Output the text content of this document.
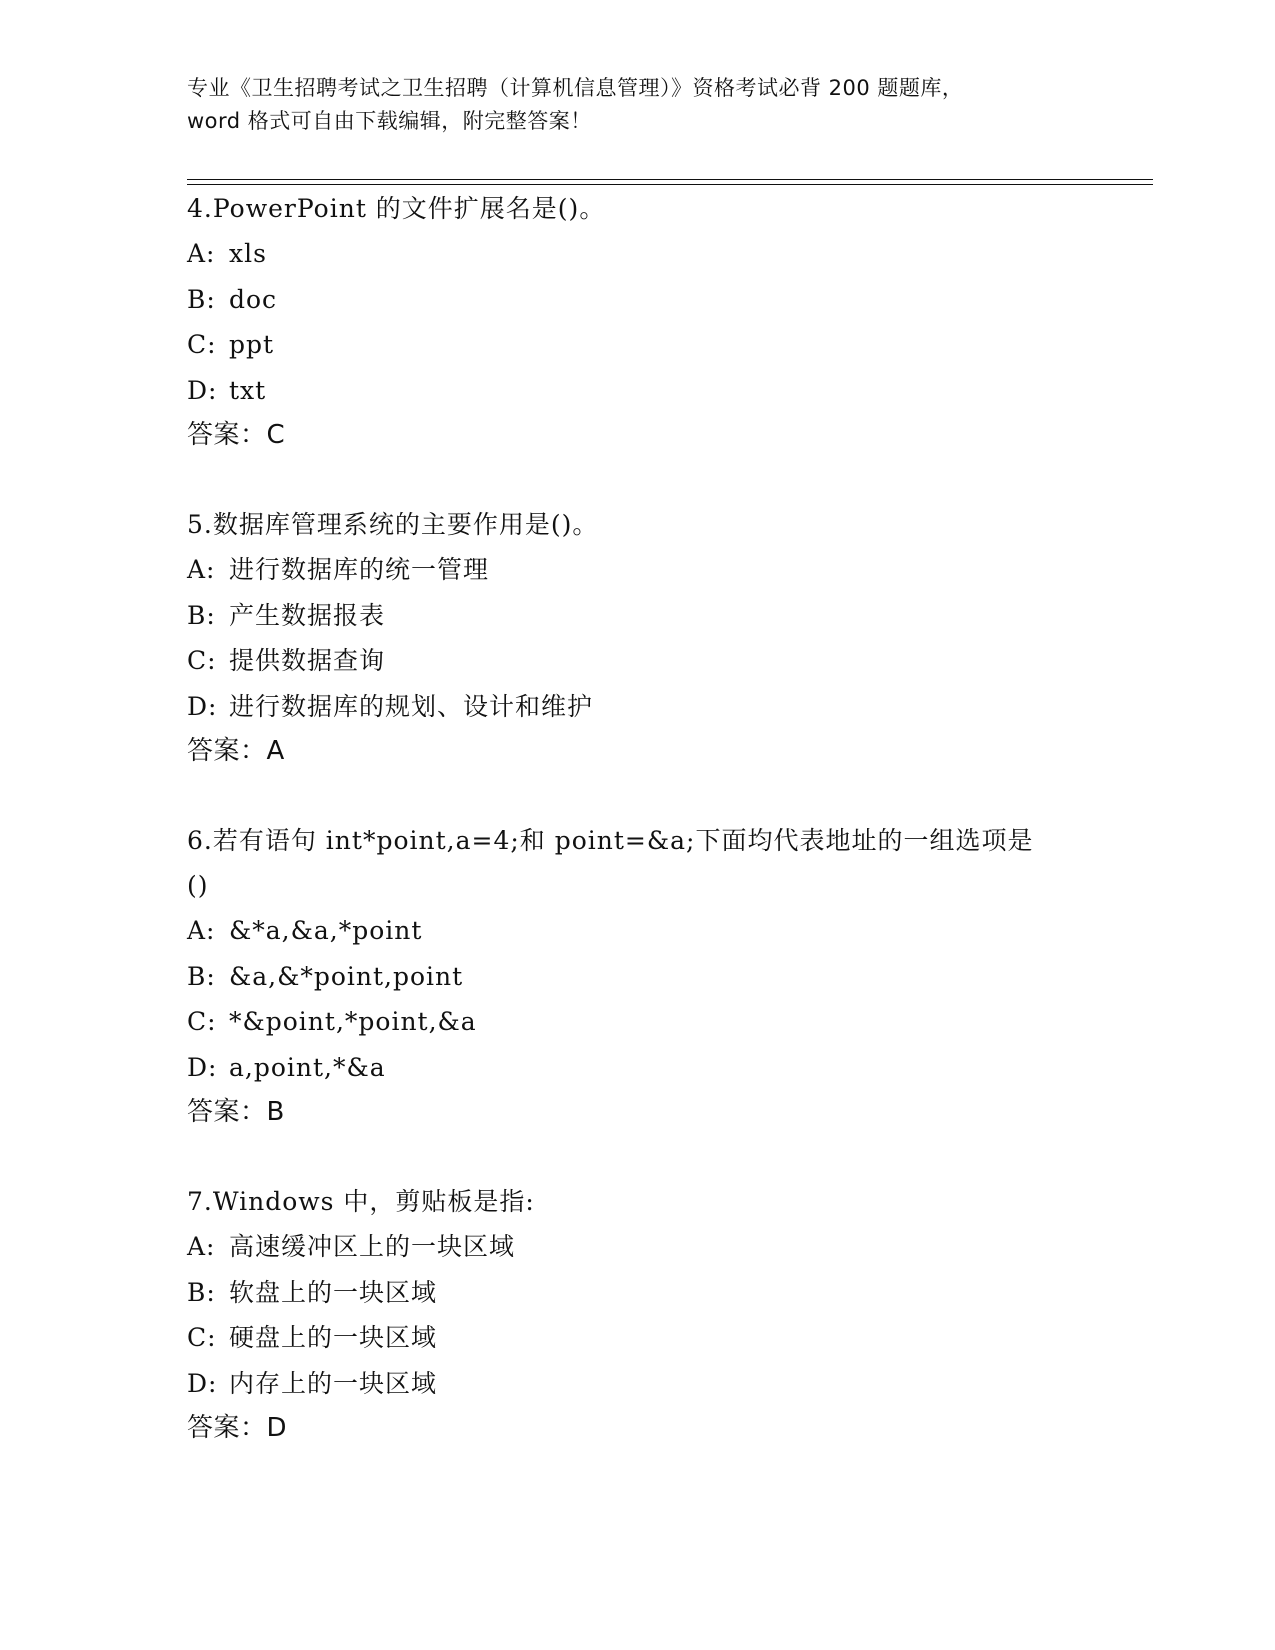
专业《卫生招聘考试之卫生招聘（计算机信息管理）》资格考试必背 200 题题库，
word 格式可自由下载编辑，附完整答案！
4.PowerPoint 的文件扩展名是()。
A: xls
B: doc
C: ppt
D: txt
答案：C
5.数据库管理系统的主要作用是()。
A: 进行数据库的统一管理
B: 产生数据报表
C: 提供数据查询
D: 进行数据库的规划、设计和维护
答案：A
6.若有语句 int*point,a=4;和 point=&a;下面均代表地址的一组选项是()
A: &*a,&a,*point
B: &a,&*point,point
C: *&point,*point,&a
D: a,point,*&a
答案：B
7.Windows 中，剪贴板是指:
A: 高速缓冲区上的一块区域
B: 软盘上的一块区域
C: 硬盘上的一块区域
D: 内存上的一块区域
答案：D
